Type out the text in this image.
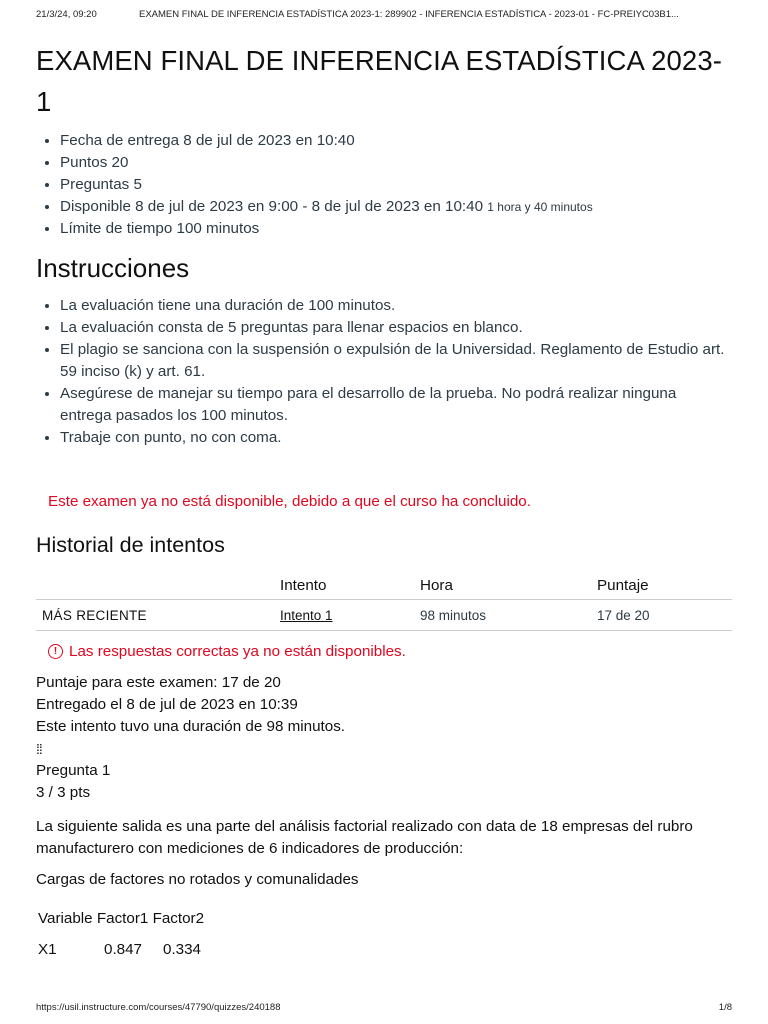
21/3/24, 09:20	EXAMEN FINAL DE INFERENCIA ESTADÍSTICA 2023-1: 289902 - INFERENCIA ESTADÍSTICA - 2023-01 - FC-PREIYC03B1...
EXAMEN FINAL DE INFERENCIA ESTADÍSTICA 2023-1
• Fecha de entrega 8 de jul de 2023 en 10:40
• Puntos 20
• Preguntas 5
• Disponible 8 de jul de 2023 en 9:00 - 8 de jul de 2023 en 10:40 1 hora y 40 minutos
• Límite de tiempo 100 minutos
Instrucciones
• La evaluación tiene una duración de 100 minutos.
• La evaluación consta de 5 preguntas para llenar espacios en blanco.
• El plagio se sanciona con la suspensión o expulsión de la Universidad. Reglamento de Estudio art. 59 inciso (k) y art. 61.
• Asegúrese de manejar su tiempo para el desarrollo de la prueba. No podrá realizar ninguna entrega pasados los 100 minutos.
• Trabaje con punto, no con coma.
Este examen ya no está disponible, debido a que el curso ha concluido.
Historial de intentos
	Intento	Hora	Puntaje
MÁS RECIENTE	Intento 1	98 minutos	17 de 20
! Las respuestas correctas ya no están disponibles.
Puntaje para este examen: 17 de 20
Entregado el 8 de jul de 2023 en 10:39
Este intento tuvo una duración de 98 minutos.
⁞⁞
Pregunta 1
3 / 3 pts
La siguiente salida es una parte del análisis factorial realizado con data de 18 empresas del rubro manufacturero con mediciones de 6 indicadores de producción:
Cargas de factores no rotados y comunalidades
Variable Factor1 Factor2
X1	0.847 0.334
https://usil.instructure.com/courses/47790/quizzes/240188	1/8
